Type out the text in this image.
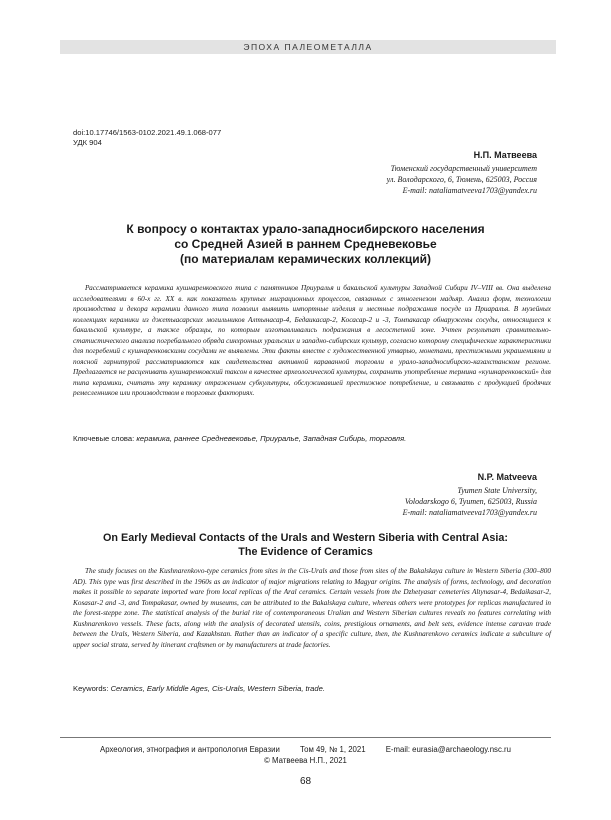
ЭПОХА ПАЛЕОМЕТАЛЛА
doi:10.17746/1563-0102.2021.49.1.068-077
УДК 904
Н.П. Матвеева
Тюменский государственный университет
ул. Володарского, 6, Тюмень, 625003, Россия
E-mail: nataliamatveeva1703@yandex.ru
К вопросу о контактах урало-западносибирского населения
со Средней Азией в раннем Средневековье
(по материалам керамических коллекций)

Рассматривается керамика кушнаренковского типа с памятников Приуралья и бакальской культуры Западной Сибири IV–VIII вв. Она выделена исследователями в 60-х гг. XX в. как показатель крупных миграционных процессов, связанных с этногенезом мадьяр. Анализ форм, технологии производства и декора керамики данного типа позволил выявить импортные изделия и местные подражания посуде из Приаралья. В музейных коллекциях керамики из джетыасарских могильников Алтынасар-4, Бедаикасар-2, Косасар-2 и -3, Томпакасар обнаружены сосуды, относящиеся к бакальской культуре, а также образцы, по которым изготавливались подражания в лесостепной зоне. Учтен результат сравнительно-статистического анализа погребального обряда синхронных уральских и западно-сибирских культур, согласно которому специфические характеристики для погребений с кушнаренковскими сосудами не выявлены. Эти факты вместе с художественной утварью, монетами, престижными украшениями и поясной гарнитурой рассматриваются как свидетельства активной караванной торговли в урало-западносибирско-казахстанском регионе. Предлагается не расценивать кушнаренковский таксон в качестве археологической культуры, сохранить употребление термина «кушнаренковский» для типа керамики, считать эту керамику отражением субкультуры, обслуживавшей престижное потребление, и связывать с продукцией бродячих ремесленников или производством в торговых факториях.

Ключевые слова: керамика, раннее Средневековье, Приуралье, Западная Сибирь, торговля.
N.P. Matveeva
Tyumen State University,
Volodarskogo 6, Tyumen, 625003, Russia
E-mail: nataliamatveeva1703@yandex.ru
On Early Medieval Contacts of the Urals and Western Siberia with Central Asia:
The Evidence of Ceramics

The study focuses on the Kushnarenkovo-type ceramics from sites in the Cis-Urals and those from sites of the Bakalskaya culture in Western Siberia (300–800 AD). This type was first described in the 1960s as an indicator of major migrations relating to Magyar origins. The analysis of forms, technology, and decoration makes it possible to separate imported ware from local replicas of the Aral ceramics. Certain vessels from the Dzhetyasar cemeteries Altynasar-4, Bedaikasar-2, Kosasar-2 and -3, and Tompakasar, owned by museums, can be attributed to the Bakalskaya culture, whereas others were prototypes for replicas manufactured in the forest-steppe zone. The statistical analysis of the burial rite of contemporaneous Uralian and Western Siberian cultures reveals no features correlating with Kushnarenkovo vessels. These facts, along with the analysis of decorated utensils, coins, prestigious ornaments, and belt sets, evidence intense caravan trade between the Urals, Western Siberia, and Kazakhstan. Rather than an indicator of a specific culture, then, the Kushnarenkovo ceramics indicate a subculture of upper social strata, served by itinerant craftsmen or by manufacturers at trade factories.

Keywords: Ceramics, Early Middle Ages, Cis-Urals, Western Siberia, trade.
Археология, этнография и антропология Евразии	Том 49, № 1, 2021	E-mail: eurasia@archaeology.nsc.ru
© Матвеева Н.П., 2021
68
